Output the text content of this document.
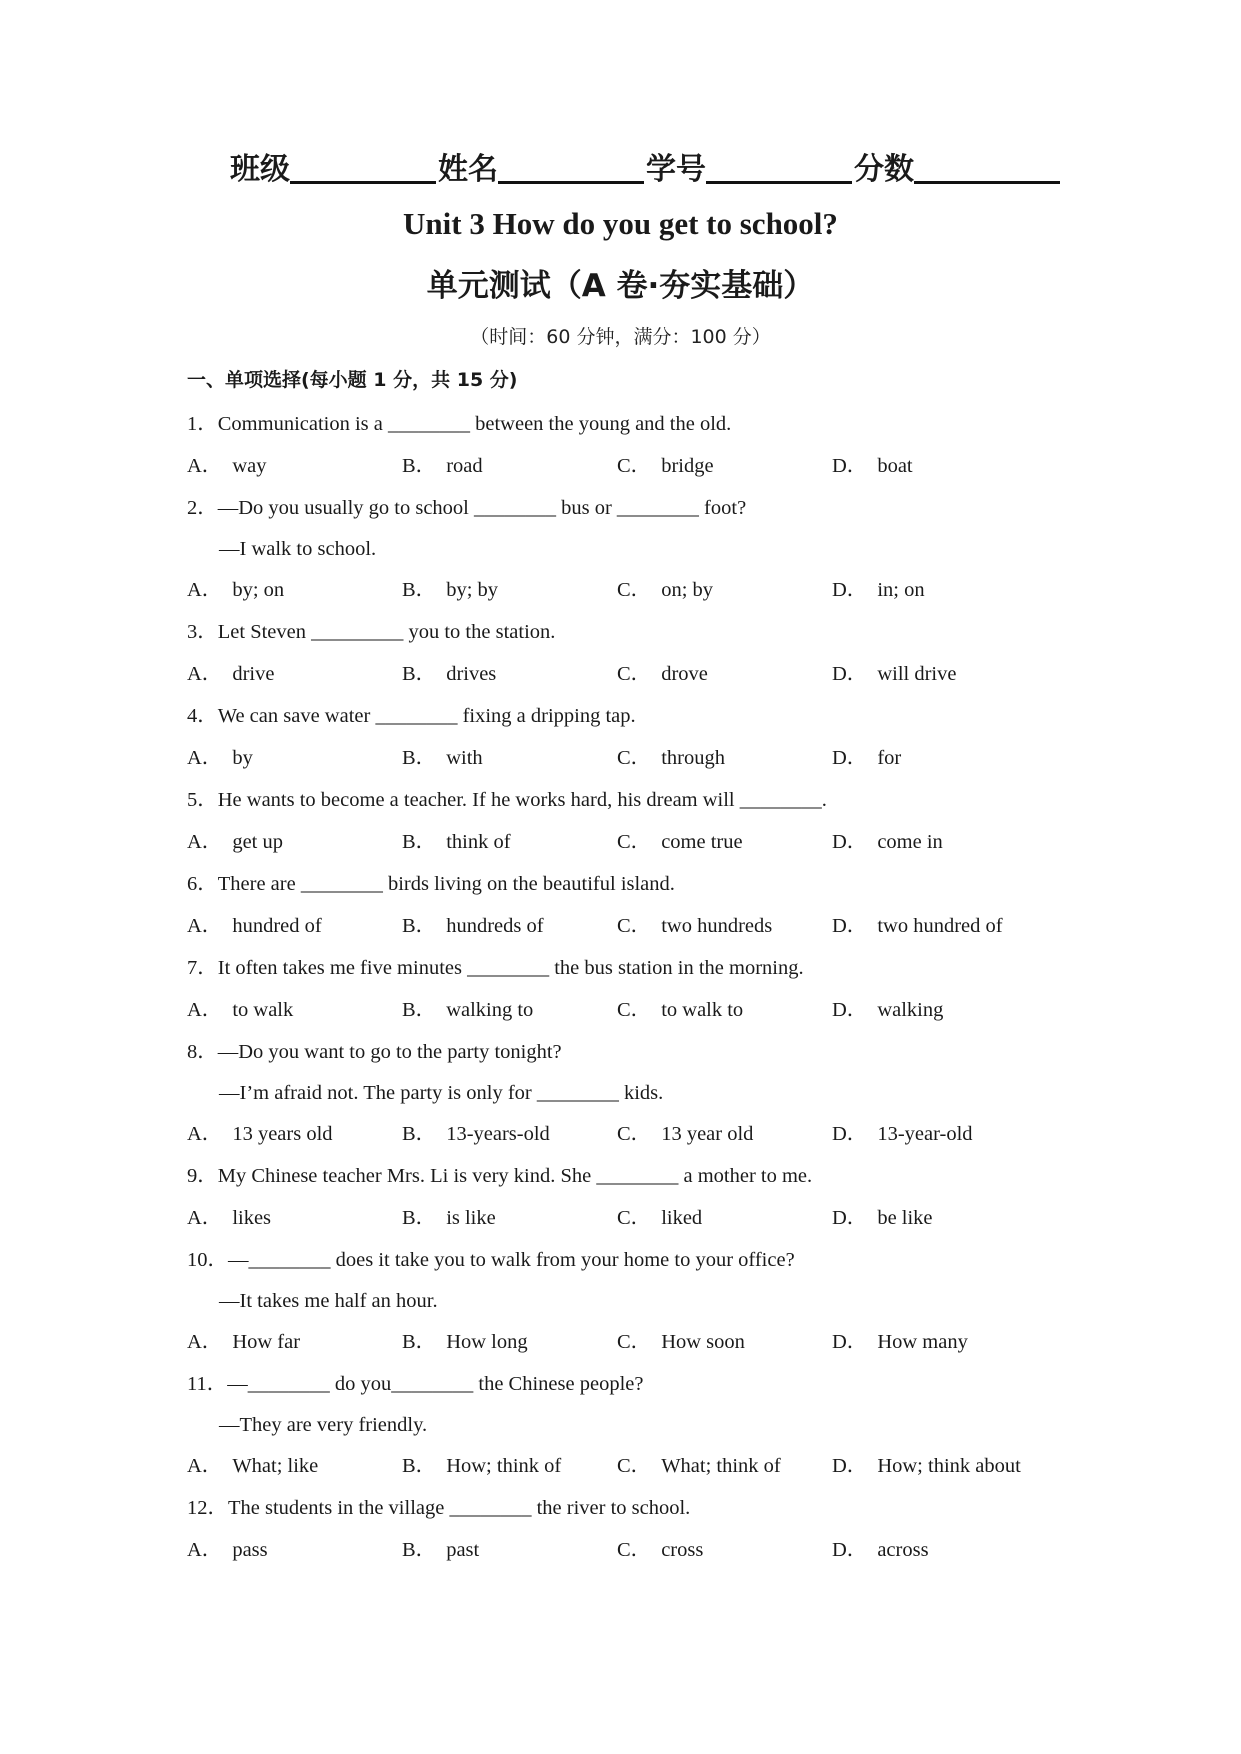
班级	姓名	学号	分数
Unit 3 How do you get to school?
单元测试（A 卷·夯实基础）
（时间：60 分钟，满分：100 分）
一、单项选择(每小题 1 分，共 15 分)
1．Communication is a ________ between the young and the old.
A． way	B． road	C． bridge	D． boat
2．—Do you usually go to school ________ bus or ________ foot?
—I walk to school.
A． by; on	B． by; by	C． on; by	D． in; on
3．Let Steven _________ you to the station.
A． drive	B． drives	C． drove	D． will drive
4．We can save water ________ fixing a dripping tap.
A． by	B． with	C． through	D． for
5．He wants to become a teacher. If he works hard, his dream will ________.
A． get up	B． think of	C． come true	D． come in
6．There are ________ birds living on the beautiful island.
A． hundred of	B． hundreds of	C． two hundreds	D． two hundred of
7．It often takes me five minutes ________ the bus station in the morning.
A． to walk	B． walking to	C． to walk to	D． walking
8．—Do you want to go to the party tonight?
—I’m afraid not. The party is only for ________ kids.
A． 13 years old	B． 13-years-old	C． 13 year old	D． 13-year-old
9．My Chinese teacher Mrs. Li is very kind. She ________ a mother to me.
A． likes	B． is like	C． liked	D． be like
10．—________ does it take you to walk from your home to your office?
—It takes me half an hour.
A． How far	B． How long	C． How soon	D． How many
11．—________ do you________ the Chinese people?
—They are very friendly.
A． What; like	B． How; think of	C． What; think of	D． How; think about
12．The students in the village ________ the river to school.
A． pass	B． past	C． cross	D． across
